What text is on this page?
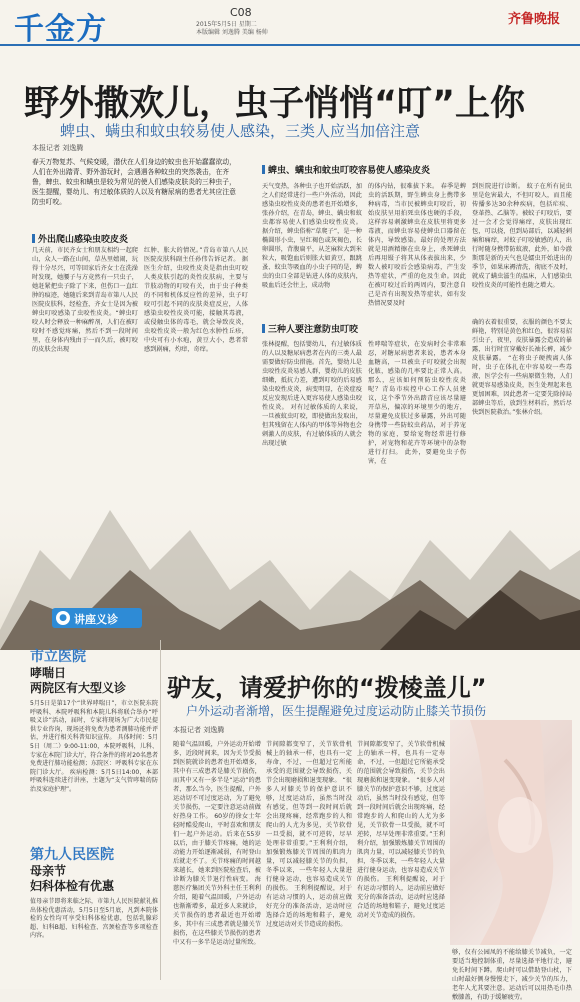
千金方	C08
2015年5月5日 星期二
本版编辑 刘逸腾 美编 杨帅
齐鲁晚报
野外撒欢儿，虫子悄悄“叮”上你
蜱虫、螨虫和蚊虫较易使人感染，三类人应当加倍注意
本报记者 刘逸腾
春天万物复苏、气候变暖，潜伏在人们身边的蚊虫也开始蠢蠢欲动，人们在外出踏青、野外游玩时，会遇遇各种蚊虫的突然袭击，在齐鲁，蜱虫、蚊虫和螨虫是较为常见的使人们感染皮肤炎的三种虫子，医生提醒，婴幼儿、有过敏体质的人以及有糖尿病的患者尤其应注意防虫叮咬。
外出爬山感染虫咬皮炎
几天前，市民齐女士和朋友相约一起爬山，众人一路在山间，草丛里嬉闹，玩得十分尽兴，可等回家后齐女士在洗澡时发现，她腰子与方竟然有一只虫子，她赶紧把虫子除了下来，但伤口一直红肿的痕迹，她随后来到青岛市第八人民医院皮肤科，经检查，齐女士是因为被蜱虫叮咬感染了虫咬性皮炎。“蜱虫叮咬人时会释放一种麻醉剂，人们在被叮咬时不感觉疼痛，然后不到一段时间里，在身体内残由于一而久后，被叮咬的皮肤会出现
红肿、胀大的情况。”青岛市第八人民医院皮肤科副主任孙伟告诉记者。 据医生介绍，虫咬性皮炎是指由虫叮咬人类皮肤引起的炎性皮肤病，主要与节肢动物的叮咬有关，由于虫子种类的不同和机体反应性的差异，虫子叮咬可引起不同的皮肤炎症反应，人体感染虫咬性皮炎可能，接触其毒液，或侵触虫体的毒毛，就会导致皮炎，虫咬性皮炎一般为红色水肿性丘疹，中央可有小水疱，黄豆大小，患者常感到剧痛，灼痒，奇痒。
蜱虫、螨虫和蚊虫叮咬容易使人感染皮炎
天气变热，各种虫子也开始活跃，加之人们经常进行一些户外活动，因此感染虫咬性皮炎的患者也开始增多，张孙介绍，在青岛，蜱虫、螨虫和蚊虫都容易使人们感染虫咬性皮炎。 据介绍，蜱虫俗称“草爬子”，是一种椭圆形小虫，呈红褐色或灰褐色，长卵圆形，背腹扁平，从芝麻粒大到米粒大，吸饱血后则胀大如黄豆，跟跳蚤、蚊虫等吸血的小虫子同的是，蜱虫的虫口全部是钻进人体的皮肤内，吸血后还会往上，成动物
的体内钻，很难拔下来。 春季是蜱虫的活跃期，野生蜱虫身上携带多种病毒，当市民被蜱虫叮咬后，初始皮肤呈用拍死虫体也硬的手段，这样容易刺激蜱虫在皮肤里将更多毒液，而蜱虫容易使蜱虫口器留在体内，导致感染。最好的处理方法就是用酒精擦在虫身上，杀死蜱虫后再用镊子将其从体表拔出来，少数人被叮咬后会感染病毒，产生发热等症状，严重的危及生命。因此在被叮咬过后的两周内，要注意自己是否有出现发热等症状，如有发热情况要及时
到医院进行诊断。 蚊子在所有昆虫里是危害最大，不但叮咬人，而且能传播多达30余种疾病，包括疟疾、登革热、乙脑等。被蚊子叮咬后，要过一会才会觉得痛痒，皮肤出现红包，可以挠，但到局部后，以减轻刺痛和痛痒，对蚊子叮咬敏感的人，出行时随身携带防蚊液，此外，如今澈斯那是新的天气也是蠕虫开始进出的季节，如果床褥清洗，彻底不及时，就成了螨虫滋生的温床，人们感染虫咬性皮炎的可能性也随之增大。
三种人要注意防虫叮咬
张林提醒，包括婴幼儿，有过敏体质的人以及糖尿病患者在内的三类人最需要做好防虫措施。首先，婴幼儿是虫咬性皮炎易感人群，婴幼儿的皮肤细嫩，抵抗力差，遭到叮咬的后易感染虫咬性皮炎，病变明显，在炎症疫反应发现后进入更容易使人感染虫咬性皮炎。 对有过敏体质的人来说，一旦被蚊虫叮咬，即使做出发取出，但其残留在人体内的甲体等异物也会刺激人的皮肤，有过敏体质的人就会出现过敏
性哮喘等症状，在发病时会非常难忍，对糖尿病患者来说，患者本身血糖高，一旦被虫子叮咬就会出现化脓，感染的几率要比正常人高。 那么，应该如何预防虫咬性皮炎呢？青岛市疾控中心工作人员建议，这个季节外出踏青应该尽量避开草丛，偏凉的环境里少的地方，尽量避免皮肤过多暴露，外出可随身携带一些防蚊虫药品，对于养宠物的家庭，要给宠物经常进行修护，对宠物和花卉等环境中的杂物进行打扫。 此外，要避免虫子伤害，在
确的衣着很重要，衣服的颜色不要太鲜艳，特别是黄色和红色，很容易招引虫子，夜里，皮肤暴露会造成的暴露，出行时宜穿戴好长袖长裤，减少皮肤暴露。 “在将虫子硬拽离人体时，虫子在体扎在中容易咬一些毒液，医学会有一些病原微生物，人们就更容易感染皮炎，医生处理起来也更加困难，因此患者一定要先除掉局部蜱虫等后，放到生材料后，然后尽快到医院救治。”张林介绍。
● 讲座义诊
市立医院
哮喘日
两院区有大型义诊
5月5日是第17个“世界哮喘日”，市立医院东院呼吸科、本院呼吸科和本院儿科将联合举办“呼吸义诊”活动，届时，专家将现场为广大市民提供专业咨询，现场还将免费为患者测肺功能并评估，并进行相关科普知识宣传。 具体时间：5月5日（周二）9:00-11:00，本院呼吸科，儿科、专家在本院门诊大厅，符合条件的将对20名患者免费进行肺功能检测；东院区：呼吸科专家在东院门诊大厅。 疾病检测：5月5日14:00，本部呼吸科连续进行讲座，主题为“支气管哮喘的防治及家庭护理”。
第九人民医院
母亲节
妇科体检有优惠
值母亲节即将来临之际，市第九人民医院献礼推出体检优惠活动，5月5日至5月底，凡到本院体检的女性均可享受妇科体检优惠，包括乳腺彩超、妇科B超、妇科检查、宫颈检查等多项检查内容。
驴友，请爱护你的“拨棱盖儿”
户外运动者渐增，医生提醒避免过度运动防止膝关节损伤
本报记者 刘逸腾
随着气温回暖，户外运动开始增多，近段时间来，因为关节受损到医院就诊的患者也开始增多，其中有三成患者是膝关节损伤，而其中又有一多半是“运动”的患者，那么当今，医生提醒，户外运动切不可过度运动，为了避免关节损伤，一定要注意运动前做好热身工作。 60岁的徐女士年轻时酷爱爬山，平时喜欢和朋友们一起户外运动。后来在55岁以后，由于膝关节疼痛，她的运动能力开始逐渐减弱，有时登山后就走不了。关节疼痛的时间越来越长，她来到医院检查后，被诊断为膝关节退行性病变。 海慈医疗集团关节外科主任王利利介绍，随着气温回暖，户外运动也渐渐增多，最近多人来就诊，关节损伤的患者最近也开始增多，其中有三成患者就是膝关节损伤，在这些膝关节损伤的患者中又有一多半是运动过量所致。
节间隙都变窄了，关节软骨机械上的轴承一样，也具有一定寿命，不过，一但超过它所能承受的范围就会导致损伤，关节会出现磨损和退变现象。 “很多人对膝关节的保护意识不够，过度运动后，虽然当时没有感觉，但等到一段时间后就会出现疼痛，经常跑步的人和爬山的人尤为多见，关节软骨一旦受损，就不可逆转，尽早处理非常重要。”王利利介绍，加强锻炼膝关节周围的肌肉力量，可以减轻膝关节的负担，冬季以来，一些年轻人大量进行健身运动，也容易造成关节的损伤。 王利利提醒说，对于有运动习惯的人，运动前应做好充分的准备活动，运动时应选择合适的场地和鞋子，避免过度运动对关节造成的损伤。
够，仅有公园凤的不能给膝关节减负，一定要适当地控制体重，尽量选择平地行走，避免长时间下蹲。爬山时可以借助登山杖，下山时最好侧身慢慢走下，减少关节的压力，老年人尤其要注意。运动后可以用热毛巾热敷膝盖，有助于缓解疲劳。
节间隙都变窄了，关节软骨机械上的轴承一样，也具有一定寿命，不过，一但超过它所能承受的范围就会导致损伤，关节会出现磨损和退变现象。 “很多人对膝关节的保护意识不够，过度运动后，虽然当时没有感觉，但等到一段时间后就会出现疼痛，经常跑步的人和爬山的人尤为多见，关节软骨一旦受损，就不可逆转，尽早处理非常重要。”王利利介绍，加强锻炼膝关节周围的肌肉力量，可以减轻膝关节的负担，冬季以来，一些年轻人大量进行健身运动，也容易造成关节的损伤。 王利利提醒说，对于有运动习惯的人，运动前应做好充分的准备活动，运动时应选择合适的场地和鞋子，避免过度运动对关节造成的损伤。
